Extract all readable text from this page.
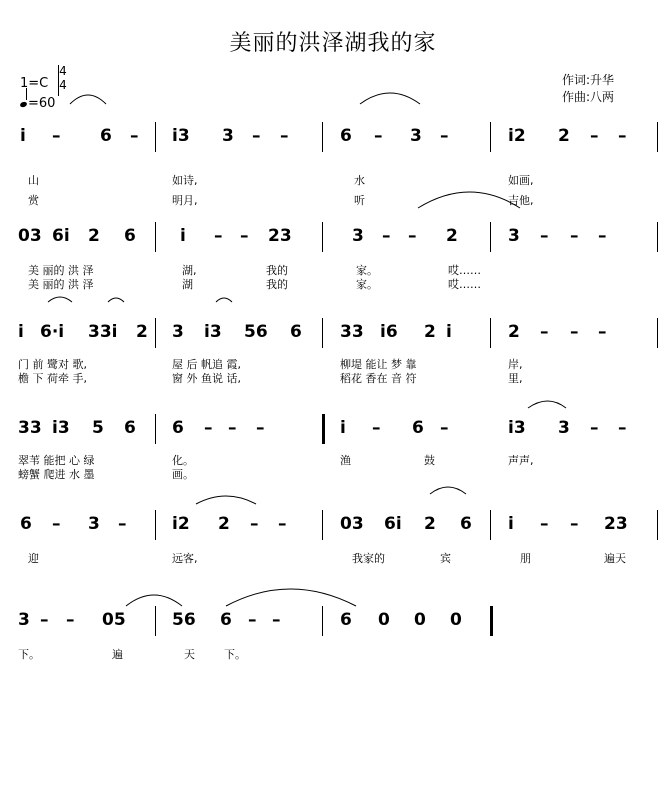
美丽的洪泽湖我的家
1=C
4
4
=60
作词:升华
作曲:八两
i – 6 – i3 3 – –	6 – 3 –	i2 2 – –
山	如诗,	水	如画,
赏	明月,	听	吉他,
03 6i 2 6	i – – 23	3 – – 2	3 – – –
美 丽的 洪 泽	湖,	我的	家。	哎……
美 丽的 洪 泽	湖	我的	家。	哎……
i 6·i 33i 2 3 i3 56 6 33 i6 2 i	2 – – –
门 前 鹭对 歌,	屋 后 帆追 霞,	柳堤 能让 梦 靠	岸,
檐 下 荷牵 手,	窗 外 鱼说 话,	稻花 香在 音 符	里,
33 i3 5 6 6 – – –	i – 6 –	i3 3 – –
翠苇 能把 心 绿	化。	渔	鼓	声声,
螃蟹 爬进 水 墨	画。
6 – 3 –	i2 2 – –	03 6i 2 6 i – – 23
迎	远客,	我家的	宾	朋	遍天
3 – – 05	56 6 – –	6 0 0 0
下。	遍	天	下。
